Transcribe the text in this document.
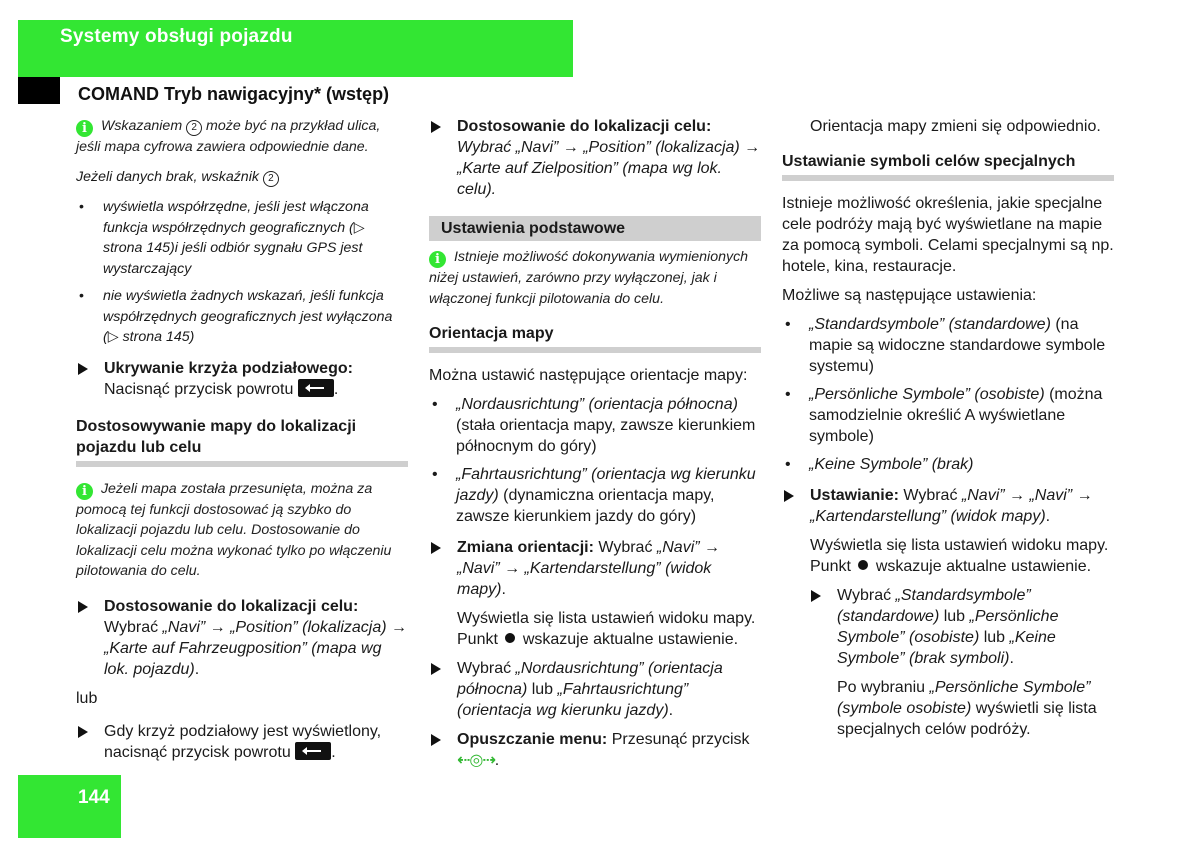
Systemy obsługi pojazdu
COMAND Tryb nawigacyjny* (wstęp)

i Wskazaniem 2 może być na przykład ulica, jeśli mapa cyfrowa zawiera odpowiednie dane.

Jeżeli danych brak, wskaźnik 2

• wyświetla współrzędne, jeśli jest włączona funkcja współrzędnych geograficznych (▷ strona 145)i jeśli odbiór sygnału GPS jest wystarczający
• nie wyświetla żadnych wskazań, jeśli funkcja współrzędnych geograficznych jest wyłączona (▷ strona 145)
Ukrywanie krzyża podziałowego:
Nacisnąć przycisk powrotu	.
Dostosowywanie mapy do lokalizacji pojazdu lub celu

i Jeżeli mapa została przesunięta, można za pomocą tej funkcji dostosować ją szybko do lokalizacji pojazdu lub celu. Dostosowanie do lokalizacji celu można wykonać tylko po włączeniu pilotowania do celu.

Dostosowanie do lokalizacji celu:
Wybrać „Navi” → „Position” (lokalizacja) → „Karte auf Fahrzeugposition” (mapa wg lok. pojazdu).

lub

Gdy krzyż podziałowy jest wyświetlony, nacisnąć przycisk powrotu	.
Dostosowanie do lokalizacji celu:
Wybrać „Navi” → „Position” (lokalizacja) → „Karte auf Zielposition” (mapa wg lok. celu).
Ustawienia podstawowe

i Istnieje możliwość dokonywania wymienionych niżej ustawień, zarówno przy wyłączonej, jak i włączonej funkcji pilotowania do celu.

Orientacja mapy

Można ustawić następujące orientacje mapy:

• „Nordausrichtung” (orientacja północna) (stała orientacja mapy, zawsze kierunkiem północnym do góry)
• „Fahrtausrichtung” (orientacja wg kierunku jazdy) (dynamiczna orientacja mapy, zawsze kierunkiem jazdy do góry)
Zmiana orientacji: Wybrać „Navi” → „Navi” → „Kartendarstellung” (widok mapy).

Wyświetla się lista ustawień widoku mapy. Punkt wskazuje aktualne ustawienie.

Wybrać „Nordausrichtung” (orientacja północna) lub „Fahrtausrichtung” (orientacja wg kierunku jazdy).
Opuszczanie menu: Przesunąć przycisk ⇠◎⇢.

Orientacja mapy zmieni się odpowiednio.

Ustawianie symboli celów specjalnych

Istnieje możliwość określenia, jakie specjalne cele podróży mają być wyświetlane na mapie za pomocą symboli. Celami specjalnymi są np. hotele, kina, restauracje.

Możliwe są następujące ustawienia:

• „Standardsymbole” (standardowe) (na mapie są widoczne standardowe symbole systemu)
• „Persönliche Symbole” (osobiste) (można samodzielnie określić A wyświetlane symbole)
• „Keine Symbole” (brak)
Ustawianie: Wybrać „Navi” → „Navi” → „Kartendarstellung” (widok mapy).

Wyświetla się lista ustawień widoku mapy. Punkt wskazuje aktualne ustawienie.

Wybrać „Standardsymbole” (standardowe) lub „Persönliche Symbole” (osobiste) lub „Keine Symbole” (brak symboli).

Po wybraniu „Persönliche Symbole” (symbole osobiste) wyświetli się lista specjalnych celów podróży.

144
